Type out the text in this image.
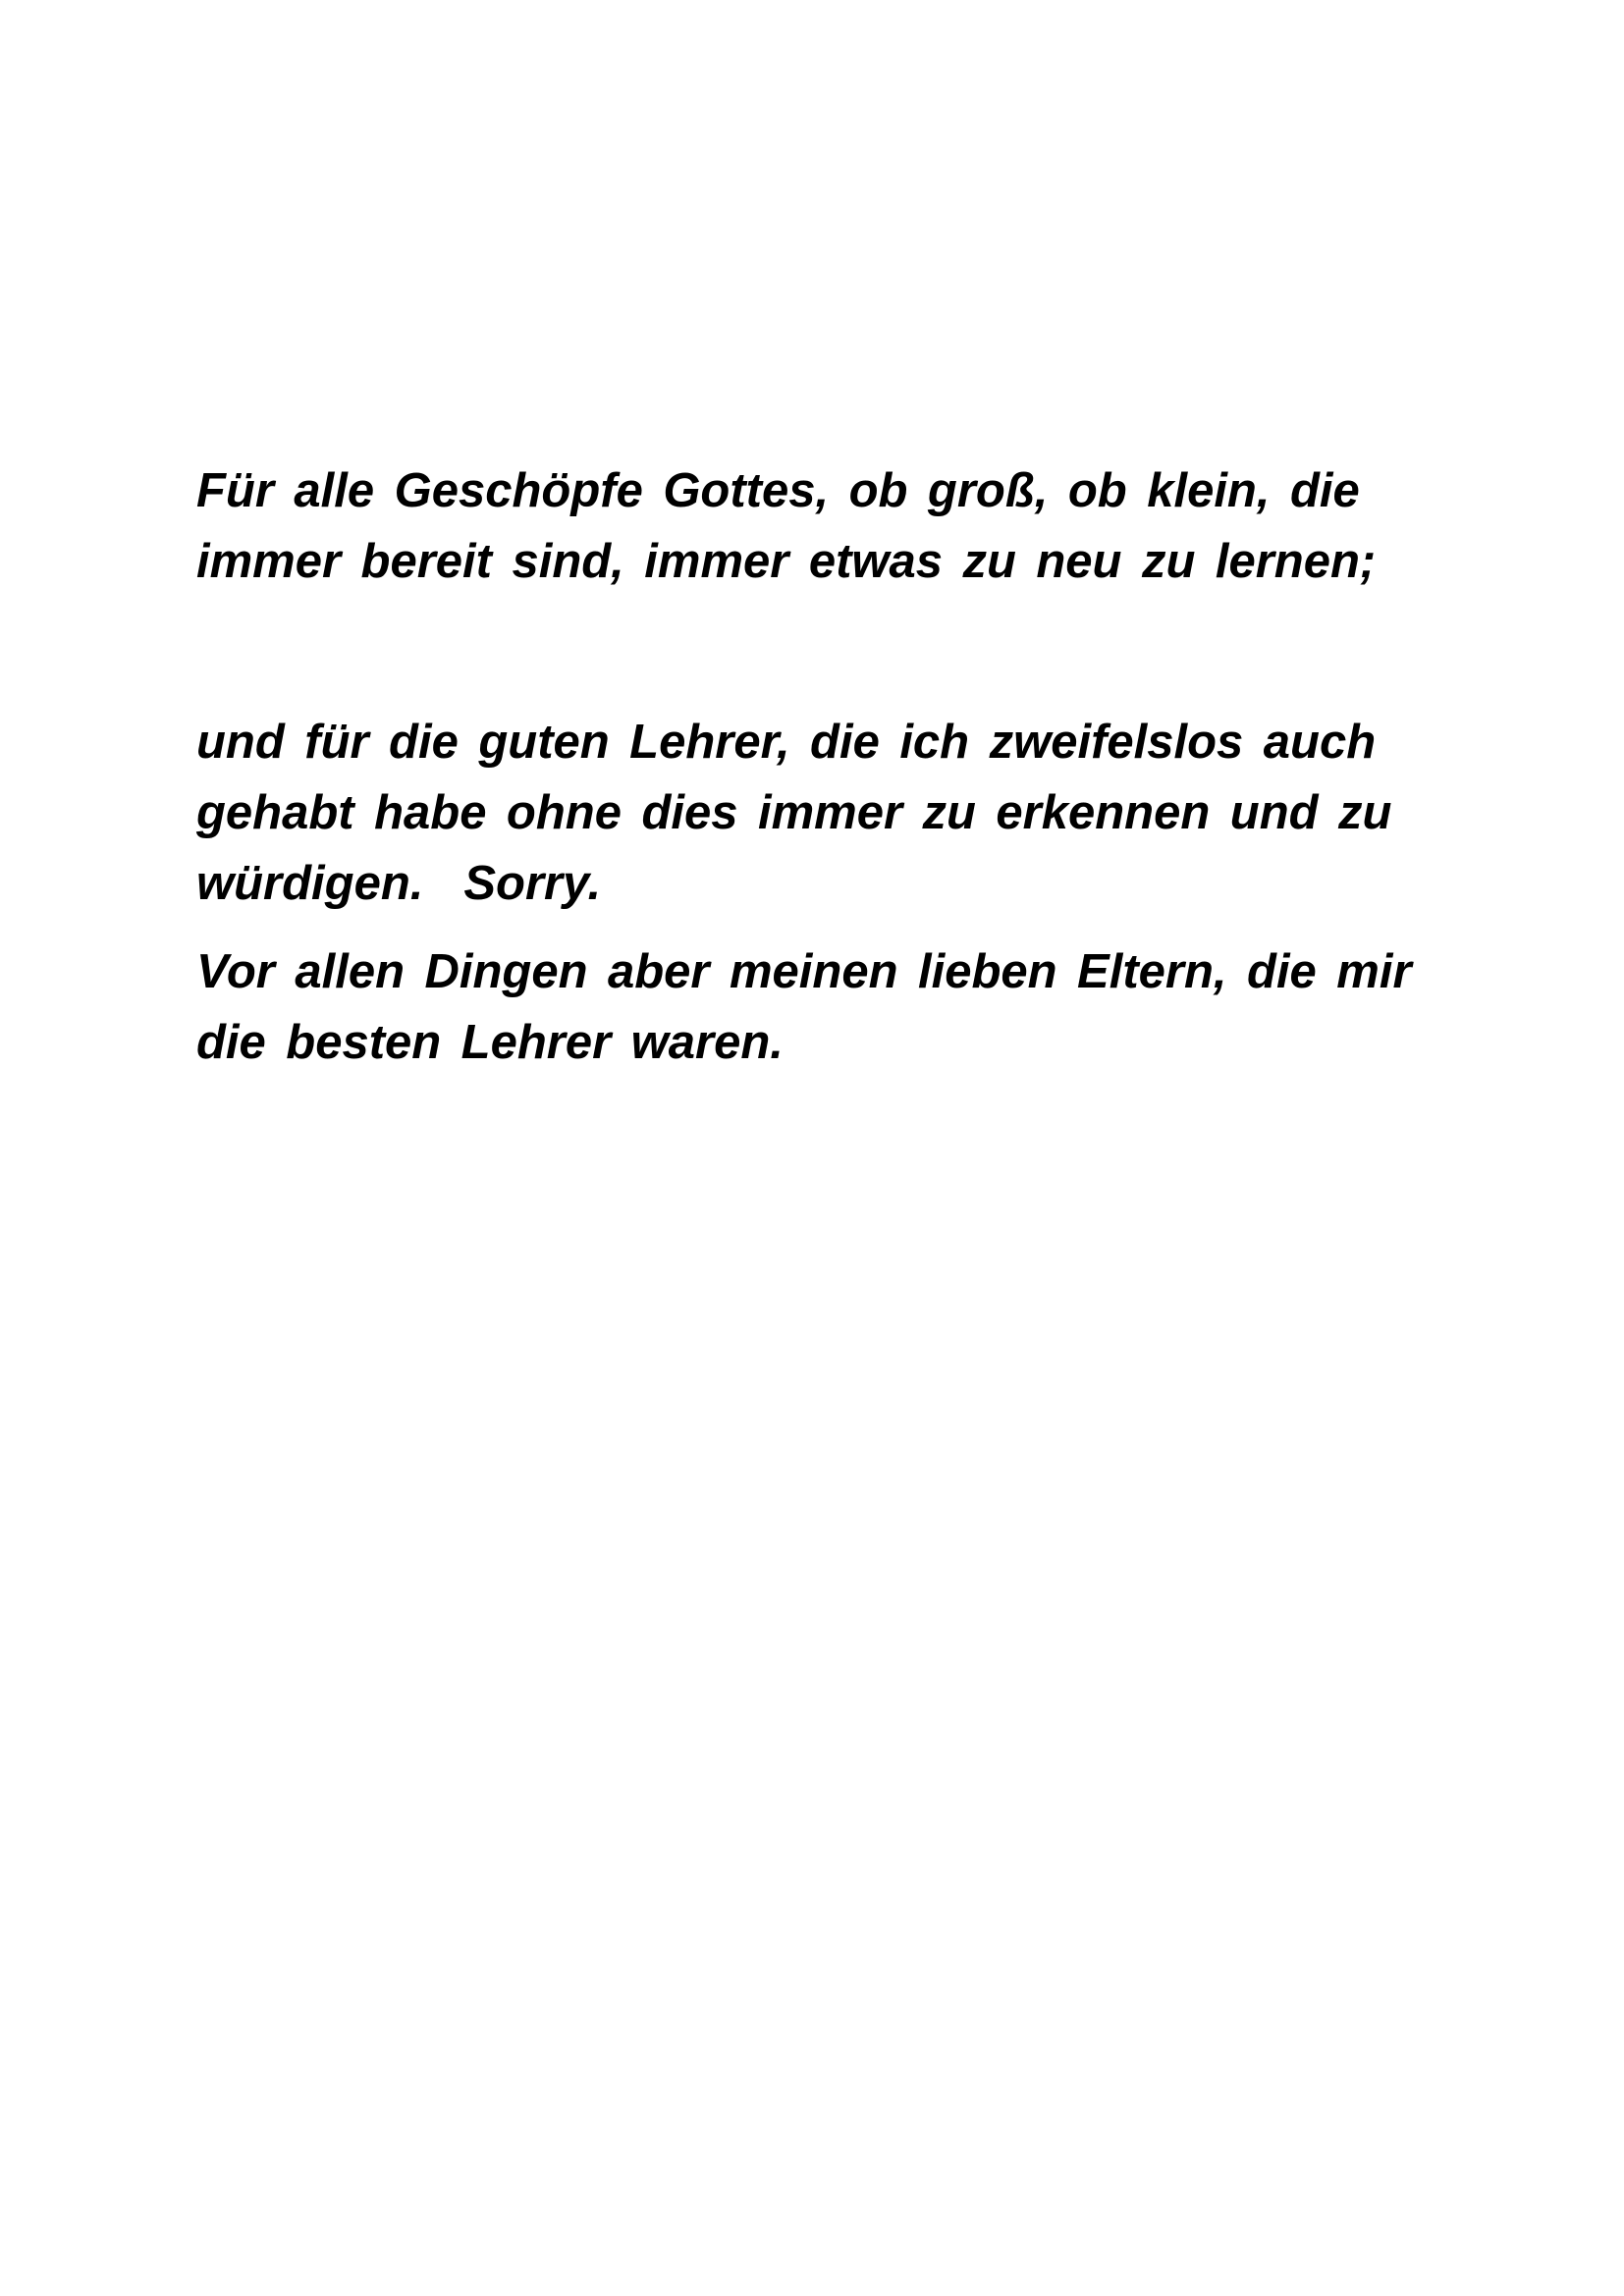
Für alle Geschöpfe Gottes, ob groß, ob klein, die
immer bereit sind, immer etwas zu neu zu lernen;
und für die guten Lehrer, die ich zweifelslos auch
gehabt habe ohne dies immer zu erkennen und zu
würdigen.  Sorry.
Vor allen Dingen aber meinen lieben Eltern, die mir
die besten Lehrer waren.
